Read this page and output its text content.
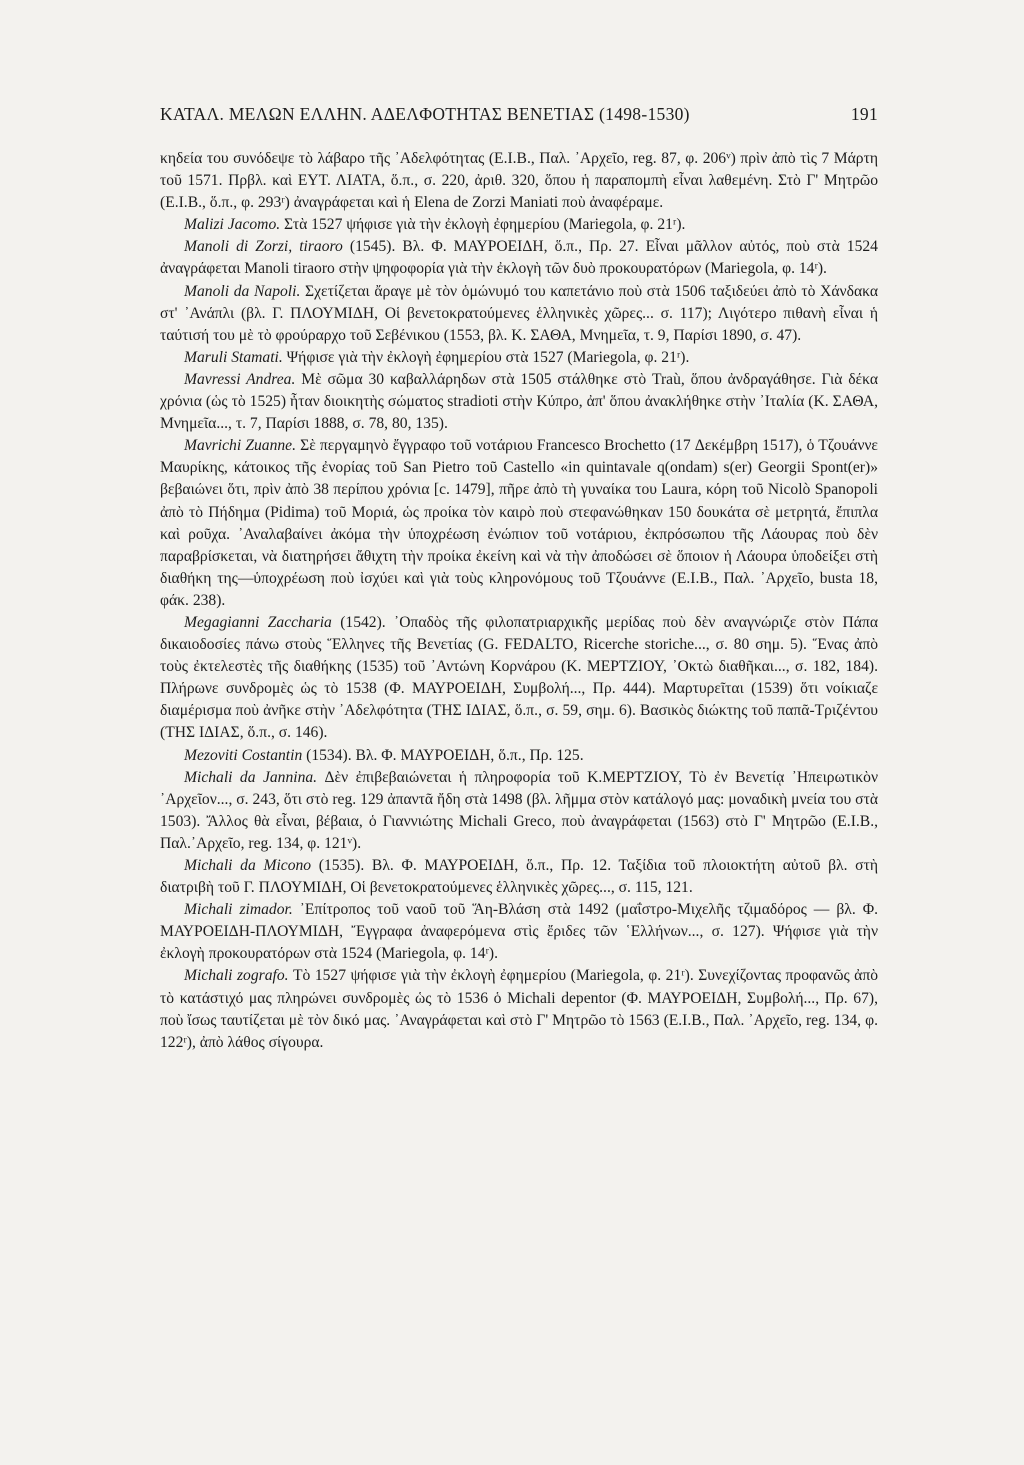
ΚΑΤΑΛ. ΜΕΛΩΝ ΕΛΛΗΝ. ΑΔΕΛΦΟΤΗΤΑΣ ΒΕΝΕΤΙΑΣ (1498-1530)	191

κηδεία του συνόδεψε τὸ λάβαρο τῆς ᾿Αδελφότητας (E.I.B., Παλ. ᾿Αρχεῖο, reg. 87, φ. 206ᵛ) πρὶν ἀπὸ τὶς 7 Μάρτη τοῦ 1571. Πρβλ. καὶ ΕΥΤ. ΛΙΑΤΑ, ὅ.π., σ. 220, ἀριθ. 320, ὅπου ἡ παραπομπὴ εἶναι λαθεμένη. Στὸ Γ' Μητρῶο (E.I.B., ὅ.π., φ. 293ʳ) ἀναγράφεται καὶ ἡ Elena de Zorzi Maniati ποὺ ἀναφέραμε.

Malizi Jacomo. Στὰ 1527 ψήφισε γιὰ τὴν ἐκλογὴ ἐφημερίου (Mariegola, φ. 21ʳ).

Manoli di Zorzi, tiraoro (1545). Βλ. Φ. ΜΑΥΡΟΕΙΔΗ, ὅ.π., Πρ. 27. Εἶναι μᾶλλον αὐτός, ποὺ στὰ 1524 ἀναγράφεται Manoli tiraoro στὴν ψηφοφορία γιὰ τὴν ἐκλογὴ τῶν δυὸ προκουρατόρων (Mariegola, φ. 14ʳ).

Manoli da Napoli. Σχετίζεται ἄραγε μὲ τὸν ὁμώνυμό του καπετάνιο ποὺ στὰ 1506 ταξιδεύει ἀπὸ τὸ Χάνδακα στ' ᾿Ανάπλι (βλ. Γ. ΠΛΟΥΜΙΔΗ, Οἱ βενετοκρατούμενες ἑλληνικὲς χῶρες... σ. 117); Λιγότερο πιθανὴ εἶναι ἡ ταύτισή του μὲ τὸ φρούραρχο τοῦ Σεβένικου (1553, βλ. Κ. ΣΑΘΑ, Μνημεῖα, τ. 9, Παρίσι 1890, σ. 47).

Maruli Stamati. Ψήφισε γιὰ τὴν ἐκλογὴ ἐφημερίου στὰ 1527 (Mariegola, φ. 21ʳ).

Mavressi Andrea. Μὲ σῶμα 30 καβαλλάρηδων στὰ 1505 στάλθηκε στὸ Traù, ὅπου ἀνδραγάθησε. Γιὰ δέκα χρόνια (ὡς τὸ 1525) ἦταν διοικητὴς σώματος stradioti στὴν Κύπρο, ἀπ' ὅπου ἀνακλήθηκε στὴν ᾿Ιταλία (Κ. ΣΑΘΑ, Μνημεῖα..., τ. 7, Παρίσι 1888, σ. 78, 80, 135).

Mavrichi Zuanne. Σὲ περγαμηνὸ ἔγγραφο τοῦ νοτάριου Francesco Brochetto (17 Δεκέμβρη 1517), ὁ Τζουάννε Μαυρίκης, κάτοικος τῆς ἐνορίας τοῦ San Pietro τοῦ Castello «in quintavale q(ondam) s(er) Georgii Spont(er)» βεβαιώνει ὅτι, πρὶν ἀπὸ 38 περίπου χρόνια [c. 1479], πῆρε ἀπὸ τὴ γυναίκα του Laura, κόρη τοῦ Nicolò Spanopoli ἀπὸ τὸ Πήδημα (Pidima) τοῦ Μοριά, ὡς προίκα τὸν καιρὸ ποὺ στεφανώθηκαν 150 δουκάτα σὲ μετρητά, ἔπιπλα καὶ ροῦχα. ᾿Αναλαβαίνει ἀκόμα τὴν ὑποχρέωση ἐνώπιον τοῦ νοτάριου, ἐκπρόσωπου τῆς Λάουρας ποὺ δὲν παραβρίσκεται, νὰ διατηρήσει ἄθιχτη τὴν προίκα ἐκείνη καὶ νὰ τὴν ἀποδώσει σὲ ὅποιον ἡ Λάουρα ὑποδείξει στὴ διαθήκη της—ὑποχρέωση ποὺ ἰσχύει καὶ γιὰ τοὺς κληρονόμους τοῦ Τζουάννε (E.I.B., Παλ. ᾿Αρχεῖο, busta 18, φάκ. 238).

Megagianni Zaccharia (1542). ᾿Οπαδὸς τῆς φιλοπατριαρχικῆς μερίδας ποὺ δὲν αναγνώριζε στὸν Πάπα δικαιοδοσίες πάνω στοὺς Ἕλληνες τῆς Βενετίας (G. FEDALTO, Ricerche storiche..., σ. 80 σημ. 5). Ἕνας ἀπὸ τοὺς ἐκτελεστὲς τῆς διαθήκης (1535) τοῦ ᾿Αντώνη Κορνάρου (Κ. ΜΕΡΤΖΙΟΥ, ᾿Οκτὼ διαθῆκαι..., σ. 182, 184). Πλήρωνε συνδρομὲς ὡς τὸ 1538 (Φ. ΜΑΥΡΟΕΙΔΗ, Συμβολή..., Πρ. 444). Μαρτυρεῖται (1539) ὅτι νοίκιαζε διαμέρισμα ποὺ ἀνῆκε στὴν ᾿Αδελφότητα (ΤΗΣ ΙΔΙΑΣ, ὅ.π., σ. 59, σημ. 6). Βασικὸς διώκτης τοῦ παπᾶ-Τριζέντου (ΤΗΣ ΙΔΙΑΣ, ὅ.π., σ. 146).

Mezoviti Costantin (1534). Βλ. Φ. ΜΑΥΡΟΕΙΔΗ, ὅ.π., Πρ. 125.

Michali da Jannina. Δὲν ἐπιβεβαιώνεται ἡ πληροφορία τοῦ Κ.ΜΕΡΤΖΙΟΥ, Τὸ ἐν Βενετίᾳ ᾿Ηπειρωτικὸν ᾿Αρχεῖον..., σ. 243, ὅτι στὸ reg. 129 ἀπαντᾶ ἤδη στὰ 1498 (βλ. λῆμμα στὸν κατάλογό μας: μοναδικὴ μνεία του στὰ 1503). Ἄλλος θὰ εἶναι, βέβαια, ὁ Γιαννιώτης Michali Greco, ποὺ ἀναγράφεται (1563) στὸ Γ' Μητρῶο (E.I.B., Παλ.᾿Αρχεῖο, reg. 134, φ. 121ᵛ).

Michali da Micono (1535). Βλ. Φ. ΜΑΥΡΟΕΙΔΗ, ὅ.π., Πρ. 12. Ταξίδια τοῦ πλοιοκτήτη αὐτοῦ βλ. στὴ διατριβὴ τοῦ Γ. ΠΛΟΥΜΙΔΗ, Οἱ βενετοκρατούμενες ἑλληνικὲς χῶρες..., σ. 115, 121.

Michali zimador. ᾿Επίτροπος τοῦ ναοῦ τοῦ Ἅη-Βλάση στὰ 1492 (μαΐστρο-Μιχελῆς τζιμαδόρος — βλ. Φ. ΜΑΥΡΟΕΙΔΗ-ΠΛΟΥΜΙΔΗ, Ἔγγραφα ἀναφερόμενα στὶς ἔριδες τῶν ῾Ελλήνων..., σ. 127). Ψήφισε γιὰ τὴν ἐκλογὴ προκουρατόρων στὰ 1524 (Mariegola, φ. 14ʳ).

Michali zografo. Τὸ 1527 ψήφισε γιὰ τὴν ἐκλογὴ ἐφημερίου (Mariegola, φ. 21ʳ). Συνεχίζοντας προφανῶς ἀπὸ τὸ κατάστιχό μας πληρώνει συνδρομὲς ὡς τὸ 1536 ὁ Michali depentor (Φ. ΜΑΥΡΟΕΙΔΗ, Συμβολή..., Πρ. 67), ποὺ ἴσως ταυτίζεται μὲ τὸν δικό μας. ᾿Αναγράφεται καὶ στὸ Γ' Μητρῶο τὸ 1563 (E.I.B., Παλ. ᾿Αρχεῖο, reg. 134, φ. 122ʳ), ἀπὸ λάθος σίγουρα.
